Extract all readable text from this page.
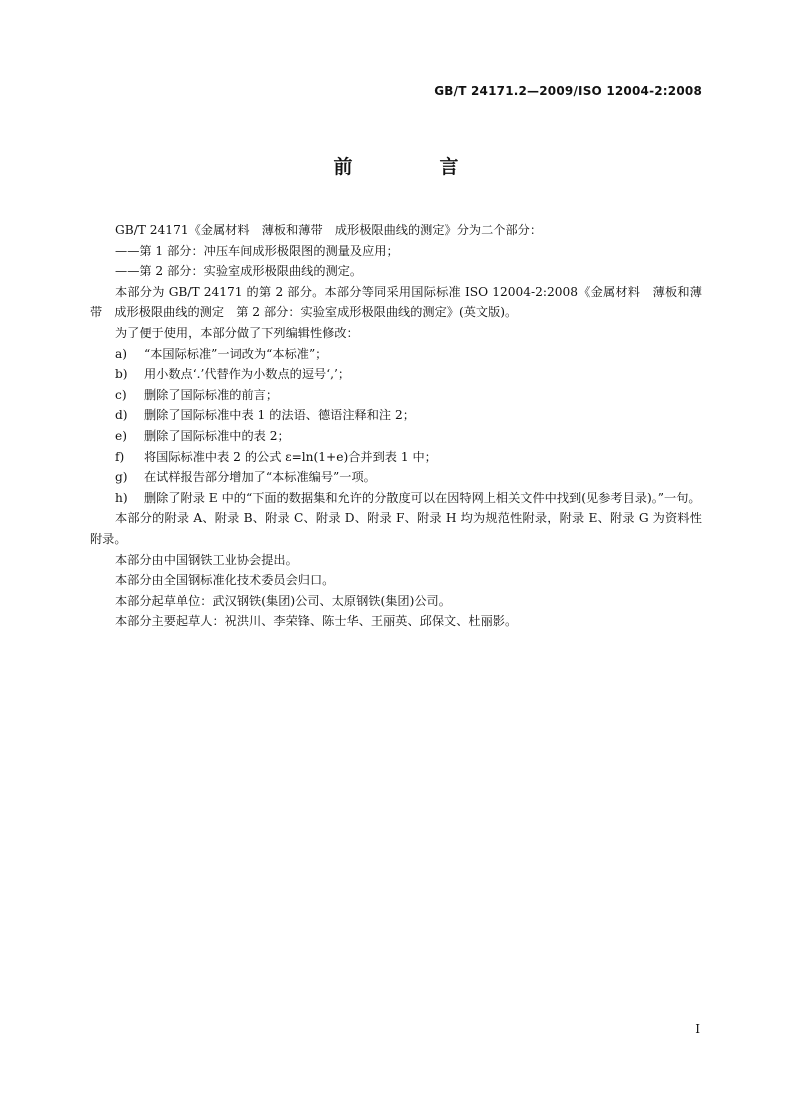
GB/T 24171.2—2009/ISO 12004-2:2008
前　言

GB/T 24171《金属材料　薄板和薄带　成形极限曲线的测定》分为二个部分：

——第 1 部分：冲压车间成形极限图的测量及应用；

——第 2 部分：实验室成形极限曲线的测定。

本部分为 GB/T 24171 的第 2 部分。本部分等同采用国际标准 ISO 12004-2:2008《金属材料　薄板和薄带　成形极限曲线的测定　第 2 部分：实验室成形极限曲线的测定》(英文版)。

为了便于使用，本部分做了下列编辑性修改：

a) “本国际标准”一词改为“本标准”；

b) 用小数点‘.’代替作为小数点的逗号‘,’；

c) 删除了国际标准的前言；

d) 删除了国际标准中表 1 的法语、德语注释和注 2；

e) 删除了国际标准中的表 2；

f) 将国际标准中表 2 的公式 ε=ln(1+e)合并到表 1 中；

g) 在试样报告部分增加了“本标准编号”一项。

h) 删除了附录 E 中的“下面的数据集和允许的分散度可以在因特网上相关文件中找到(见参考目录)。”一句。

本部分的附录 A、附录 B、附录 C、附录 D、附录 F、附录 H 均为规范性附录，附录 E、附录 G 为资料性附录。

本部分由中国钢铁工业协会提出。

本部分由全国钢标准化技术委员会归口。

本部分起草单位：武汉钢铁(集团)公司、太原钢铁(集团)公司。

本部分主要起草人：祝洪川、李荣锋、陈士华、王丽英、邱保文、杜丽影。

I
